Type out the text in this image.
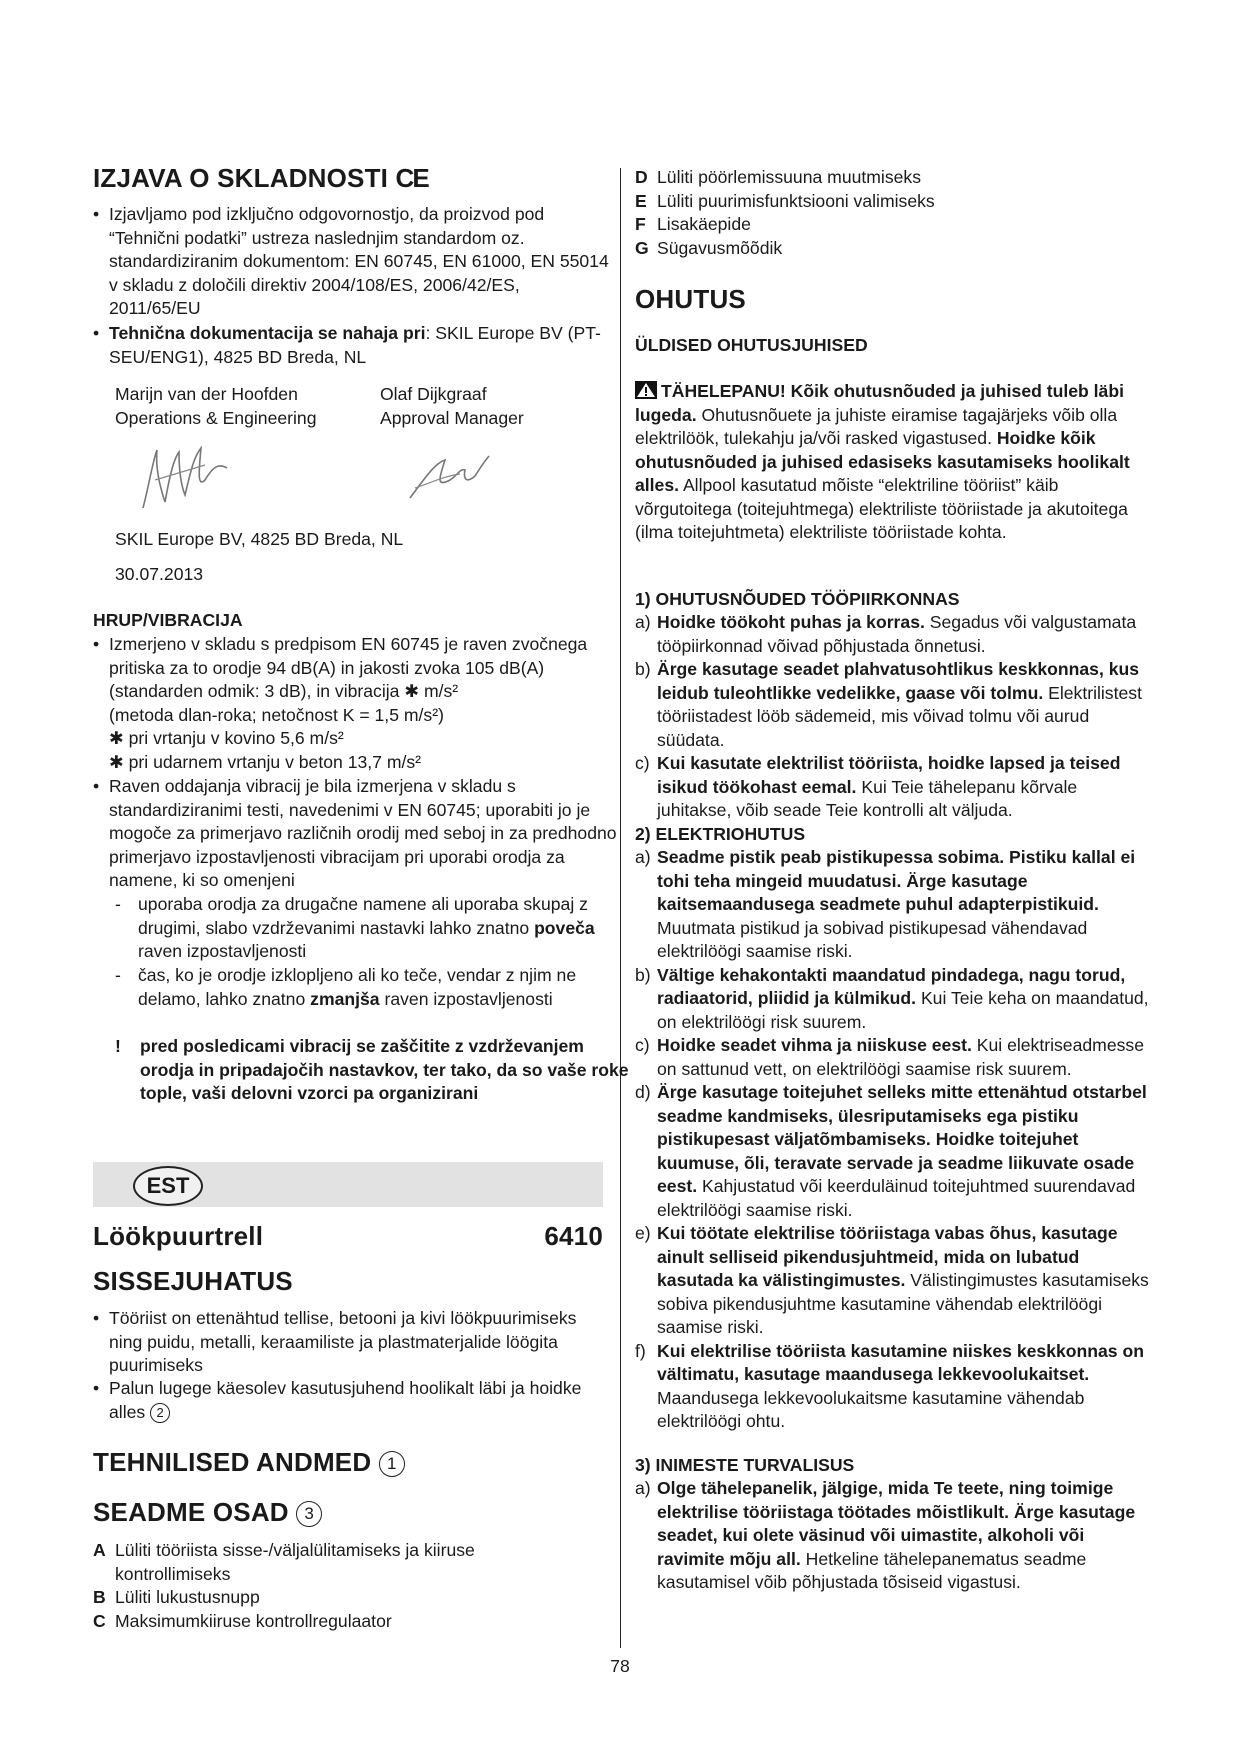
IZJAVA O SKLADNOSTI CE
• Izjavljamo pod izključno odgovornostjo, da proizvod pod “Tehnični podatki” ustreza naslednjim standardom oz. standardiziranim dokumentom: EN 60745, EN 61000, EN 55014 v skladu z določili direktiv 2004/108/ES, 2006/42/ES, 2011/65/EU
• Tehnična dokumentacija se nahaja pri: SKIL Europe BV (PT-SEU/ENG1), 4825 BD Breda, NL
Marijn van der Hoofden
Operations & Engineering
Olaf Dijkgraaf
Approval Manager
SKIL Europe BV, 4825 BD Breda, NL
30.07.2013
HRUP/VIBRACIJA
• Izmerjeno v skladu s predpisom EN 60745 je raven zvočnega pritiska za to orodje 94 dB(A) in jakosti zvoka 105 dB(A) (standarden odmik: 3 dB), in vibracija ✱ m/s²
(metoda dlan-roka; netočnost K = 1,5 m/s²)
✱ pri vrtanju v kovino 5,6 m/s²
✱ pri udarnem vrtanju v beton 13,7 m/s²
• Raven oddajanja vibracij je bila izmerjena v skladu s standardiziranimi testi, navedenimi v EN 60745; uporabiti jo je mogoče za primerjavo različnih orodij med seboj in za predhodno primerjavo izpostavljenosti vibracijam pri uporabi orodja za namene, ki so omenjeni
- uporaba orodja za drugačne namene ali uporaba skupaj z drugimi, slabo vzdrževanimi nastavki lahko znatno poveča raven izpostavljenosti
- čas, ko je orodje izklopljeno ali ko teče, vendar z njim ne delamo, lahko znatno zmanjša raven izpostavljenosti
! pred posledicami vibracij se zaščitite z vzdrževanjem orodja in pripadajočih nastavkov, ter tako, da so vaše roke tople, vaši delovni vzorci pa organizirani
EST
Löökpuurtrell	6410
SISSEJUHATUS
• Tööriist on ettenähtud tellise, betooni ja kivi löökpuurimiseks ning puidu, metalli, keraamiliste ja plastmaterjalide löögita puurimiseks
• Palun lugege käesolev kasutusjuhend hoolikalt läbi ja hoidke alles 2
TEHNILISED ANDMED 1
SEADME OSAD 3
A Lüliti tööriista sisse-/väljalülitamiseks ja kiiruse kontrollimiseks
B Lüliti lukustusnupp
C Maksimumkiiruse kontrollregulaator
D Lüliti pöörlemissuuna muutmiseks
E Lüliti puurimisfunktsiooni valimiseks
F Lisakäepide
G Sügavusmõõdik
OHUTUS
ÜLDISED OHUTUSJUHISED
TÄHELEPANU! Kõik ohutusnõuded ja juhised tuleb läbi lugeda. Ohutusnõuete ja juhiste eiramise tagajärjeks võib olla elektrilöök, tulekahju ja/või rasked vigastused. Hoidke kõik ohutusnõuded ja juhised edasiseks kasutamiseks hoolikalt alles. Allpool kasutatud mõiste “elektriline tööriist” käib võrgutoitega (toitejuhtmega) elektriliste tööriistade ja akutoitega (ilma toitejuhtmeta) elektriliste tööriistade kohta.
1) OHUTUSNÕUDED TÖÖPIIRKONNAS
a) Hoidke töökoht puhas ja korras. Segadus või valgustamata tööpiirkonnad võivad põhjustada õnnetusi.
b) Ärge kasutage seadet plahvatusohtlikus keskkonnas, kus leidub tuleohtlikke vedelikke, gaase või tolmu. Elektrilistest tööriistadest lööb sädemeid, mis võivad tolmu või aurud süüdata.
c) Kui kasutate elektrilist tööriista, hoidke lapsed ja teised isikud töökohast eemal. Kui Teie tähelepanu kõrvale juhitakse, võib seade Teie kontrolli alt väljuda.
2) ELEKTRIOHUTUS
a) Seadme pistik peab pistikupessa sobima. Pistiku kallal ei tohi teha mingeid muudatusi. Ärge kasutage kaitsemaandusega seadmete puhul adapterpistikuid. Muutmata pistikud ja sobivad pistikupesad vähendavad elektrilöögi saamise riski.
b) Vältige kehakontakti maandatud pindadega, nagu torud, radiaatorid, pliidid ja külmikud. Kui Teie keha on maandatud, on elektrilöögi risk suurem.
c) Hoidke seadet vihma ja niiskuse eest. Kui elektriseadmesse on sattunud vett, on elektrilöögi saamise risk suurem.
d) Ärge kasutage toitejuhet selleks mitte ettenähtud otstarbel seadme kandmiseks, ülesriputamiseks ega pistiku pistikupesast väljatõmbamiseks. Hoidke toitejuhet kuumuse, õli, teravate servade ja seadme liikuvate osade eest. Kahjustatud või keerduläinud toitejuhtmed suurendavad elektrilöögi saamise riski.
e) Kui töötate elektrilise tööriistaga vabas õhus, kasutage ainult selliseid pikendusjuhtmeid, mida on lubatud kasutada ka välistingimustes. Välistingimustes kasutamiseks sobiva pikendusjuhtme kasutamine vähendab elektrilöögi saamise riski.
f) Kui elektrilise tööriista kasutamine niiskes keskkonnas on vältimatu, kasutage maandusega lekkevoolukaitset. Maandusega lekkevoolukaitsme kasutamine vähendab elektrilöögi ohtu.
3) INIMESTE TURVALISUS
a) Olge tähelepanelik, jälgige, mida Te teete, ning toimige elektrilise tööriistaga töötades mõistlikult. Ärge kasutage seadet, kui olete väsinud või uimastite, alkoholi või ravimite mõju all. Hetkeline tähelepanematus seadme kasutamisel võib põhjustada tõsiseid vigastusi.
78
